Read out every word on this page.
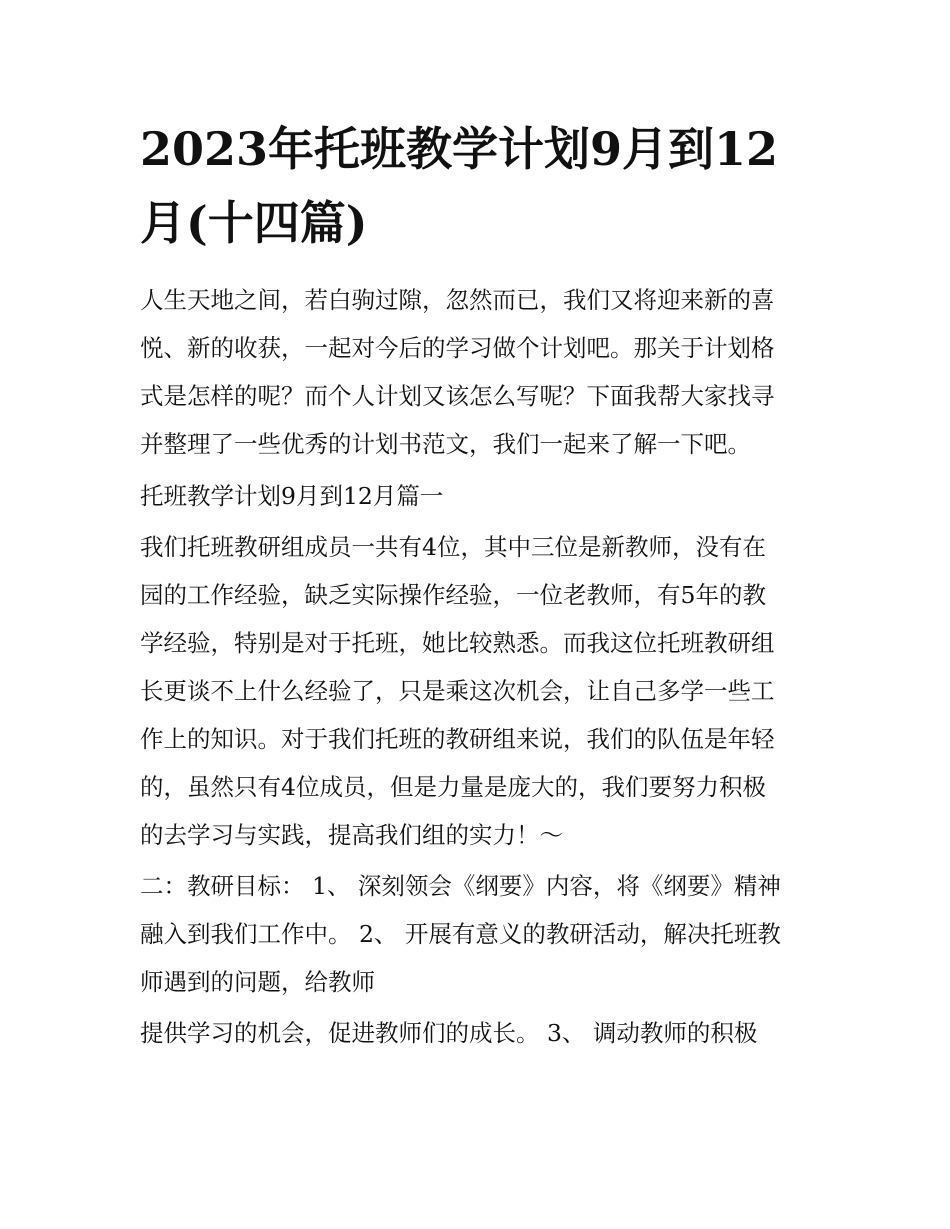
2023年托班教学计划9月到12
月(十四篇)

人生天地之间，若白驹过隙，忽然而已，我们又将迎来新的喜

悦、新的收获，一起对今后的学习做个计划吧。那关于计划格

式是怎样的呢？而个人计划又该怎么写呢？下面我帮大家找寻

并整理了一些优秀的计划书范文，我们一起来了解一下吧。

托班教学计划9月到12月篇一

我们托班教研组成员一共有4位，其中三位是新教师，没有在

园的工作经验，缺乏实际操作经验，一位老教师，有5年的教

学经验，特别是对于托班，她比较熟悉。而我这位托班教研组

长更谈不上什么经验了，只是乘这次机会，让自己多学一些工

作上的知识。对于我们托班的教研组来说，我们的队伍是年轻

的，虽然只有4位成员，但是力量是庞大的，我们要努力积极

的去学习与实践，提高我们组的实力！～

二：教研目标： 1、 深刻领会《纲要》内容，将《纲要》精神

融入到我们工作中。 2、 开展有意义的教研活动，解决托班教

师遇到的问题，给教师

提供学习的机会，促进教师们的成长。 3、 调动教师的积极
